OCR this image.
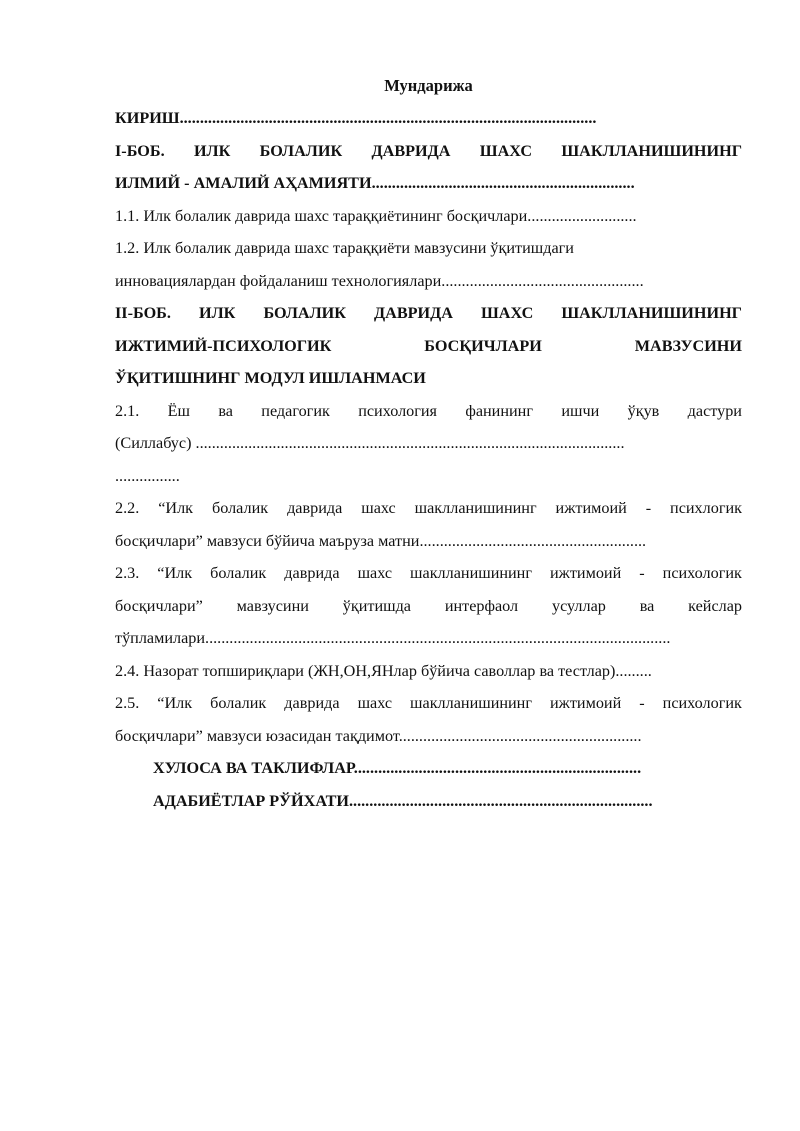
Мундарижа
КИРИШ.......................................................................................................
I-БОБ. ИЛК БОЛАЛИК ДАВРИДА ШАХС ШАКЛЛАНИШИНИНГ
ИЛМИЙ - АМАЛИЙ АҲАМИЯТИ.................................................................
1.1. Илк болалик даврида шахс тараққиётининг босқичлари...........................
1.2. Илк болалик даврида шахс тараққиёти мавзусини ўқитишдаги
инновациялардан фойдаланиш технологиялари..................................................
II-БОБ. ИЛК БОЛАЛИК ДАВРИДА ШАХС ШАКЛЛАНИШИНИНГ
ИЖТИМИЙ-ПСИХОЛОГИК	БОСҚИЧЛАРИ	МАВЗУСИНИ
ЎҚИТИШНИНГ МОДУЛ ИШЛАНМАСИ
2.1. Ёш ва педагогик психология фанининг ишчи ўқув дастури
(Силлабус) ..........................................................................................................
................
2.2. “Илк болалик даврида шахс шаклланишининг ижтимоий - психлогик
босқичлари” мавзуси бўйича маъруза матни........................................................
2.3. “Илк болалик даврида шахс шаклланишининг ижтимоий - психологик
босқичлари” мавзусини ўқитишда интерфаол усуллар ва кейслар
тўпламилари...................................................................................................................
2.4. Назорат топшириқлари (ЖН,ОН,ЯНлар бўйича саволлар ва тестлар).........
2.5. “Илк болалик даврида шахс шаклланишининг ижтимоий - психологик
босқичлари” мавзуси юзасидан тақдимот............................................................
ХУЛОСА ВА ТАКЛИФЛАР.......................................................................
АДАБИЁТЛАР РЎЙХАТИ...........................................................................
